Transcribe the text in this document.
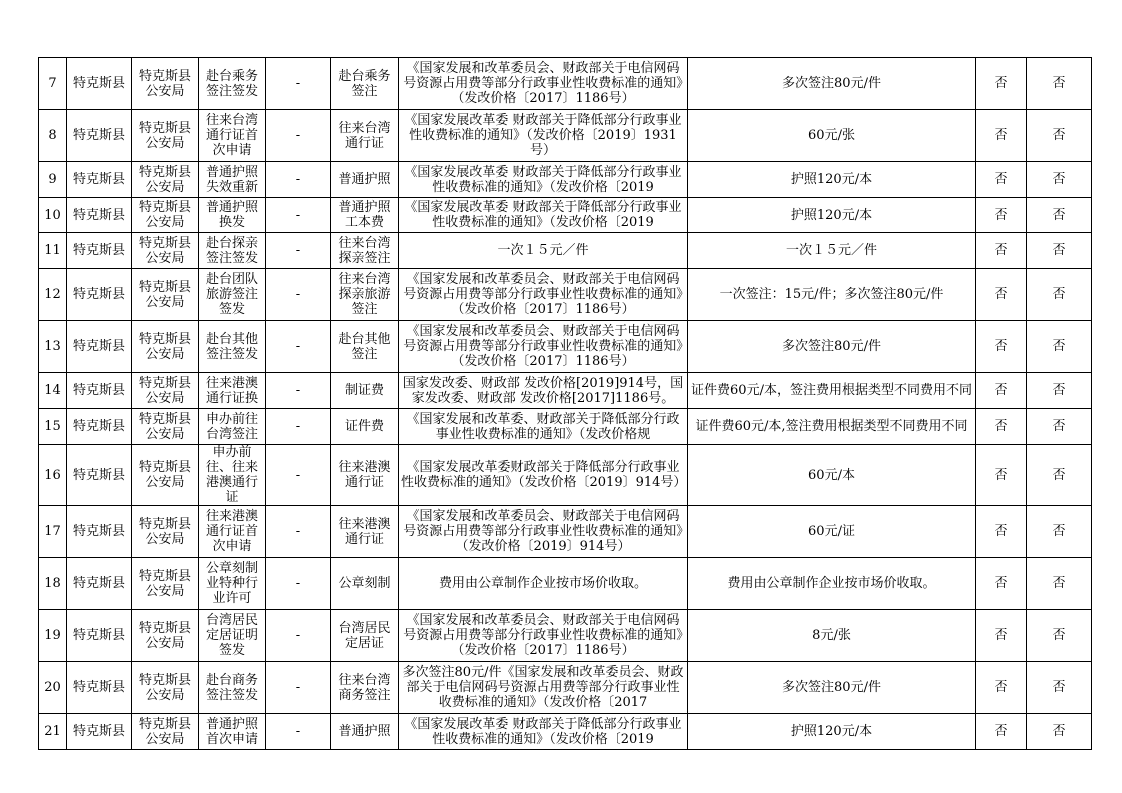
7	特克斯县	特克斯县公安局	赴台乘务签注签发	-	赴台乘务签注	《国家发展和改革委员会、财政部关于电信网码号资源占用费等部分行政事业性收费标准的通知》（发改价格〔2017〕1186号）	多次签注80元/件	否	否
8	特克斯县	特克斯县公安局	往来台湾通行证首次申请	-	往来台湾通行证	《国家发展改革委 财政部关于降低部分行政事业性收费标准的通知》（发改价格〔2019〕1931号）	60元/张	否	否
9	特克斯县	特克斯县公安局	普通护照失效重新	-	普通护照	《国家发展改革委 财政部关于降低部分行政事业性收费标准的通知》（发改价格〔2019	护照120元/本	否	否
10	特克斯县	特克斯县公安局	普通护照换发	-	普通护照工本费	《国家发展改革委 财政部关于降低部分行政事业性收费标准的通知》（发改价格〔2019	护照120元/本	否	否
11	特克斯县	特克斯县公安局	赴台探亲签注签发	-	往来台湾探亲签注	一次１５元／件	一次１５元／件	否	否
12	特克斯县	特克斯县公安局	赴台团队旅游签注签发	-	往来台湾探亲旅游签注	《国家发展和改革委员会、财政部关于电信网码号资源占用费等部分行政事业性收费标准的通知》（发改价格〔2017〕1186号）	一次签注：15元/件；多次签注80元/件	否	否
13	特克斯县	特克斯县公安局	赴台其他签注签发	-	赴台其他签注	《国家发展和改革委员会、财政部关于电信网码号资源占用费等部分行政事业性收费标准的通知》（发改价格〔2017〕1186号）	多次签注80元/件	否	否
14	特克斯县	特克斯县公安局	往来港澳通行证换	-	制证费	国家发改委、财政部 发改价格[2019]914号，国家发改委、财政部 发改价格[2017]1186号。	证件费60元/本，签注费用根据类型不同费用不同	否	否
15	特克斯县	特克斯县公安局	申办前往台湾签注	-	证件费	《国家发展和改革委、财政部关于降低部分行政事业性收费标准的通知》（发改价格规	证件费60元/本,签注费用根据类型不同费用不同	否	否
16	特克斯县	特克斯县公安局	申办前往、往来港澳通行证	-	往来港澳通行证	《国家发展改革委财政部关于降低部分行政事业性收费标准的通知》（发改价格〔2019〕914号）	60元/本	否	否
17	特克斯县	特克斯县公安局	往来港澳通行证首次申请	-	往来港澳通行证	《国家发展和改革委员会、财政部关于电信网码号资源占用费等部分行政事业性收费标准的通知》（发改价格〔2019〕914号）	60元/证	否	否
18	特克斯县	特克斯县公安局	公章刻制业特种行业许可	-	公章刻制	费用由公章制作企业按市场价收取。	费用由公章制作企业按市场价收取。	否	否
19	特克斯县	特克斯县公安局	台湾居民定居证明签发	-	台湾居民定居证	《国家发展和改革委员会、财政部关于电信网码号资源占用费等部分行政事业性收费标准的通知》（发改价格〔2017〕1186号）	8元/张	否	否
20	特克斯县	特克斯县公安局	赴台商务签注签发	-	往来台湾商务签注	多次签注80元/件《国家发展和改革委员会、财政部关于电信网码号资源占用费等部分行政事业性收费标准的通知》（发改价格〔2017	多次签注80元/件	否	否
21	特克斯县	特克斯县公安局	普通护照首次申请	-	普通护照	《国家发展改革委 财政部关于降低部分行政事业性收费标准的通知》（发改价格〔2019	护照120元/本	否	否
